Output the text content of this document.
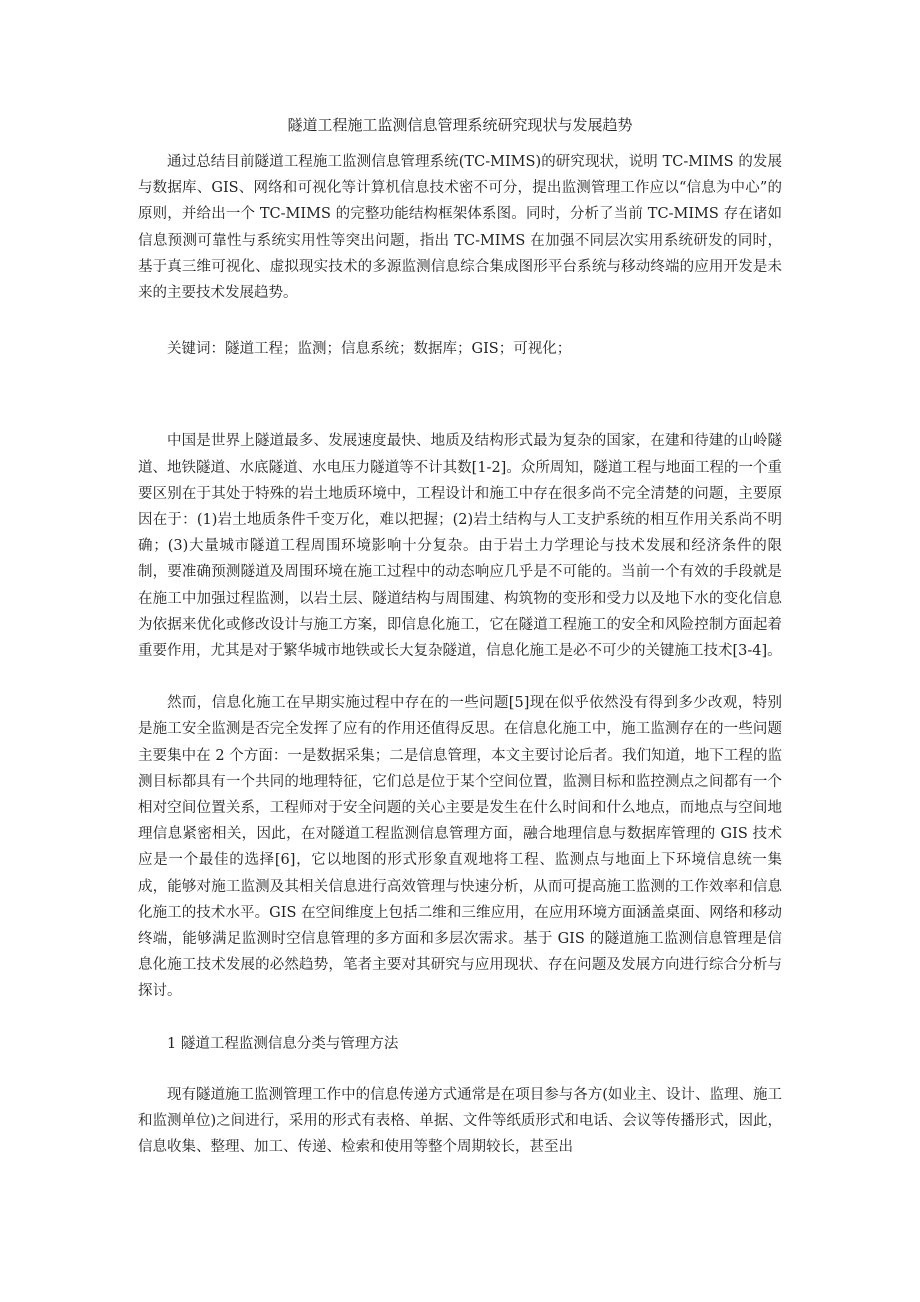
隧道工程施工监测信息管理系统研究现状与发展趋势

通过总结目前隧道工程施工监测信息管理系统(TC-MIMS)的研究现状，说明 TC-MIMS 的发展与数据库、GIS、网络和可视化等计算机信息技术密不可分，提出监测管理工作应以“信息为中心”的原则，并给出一个 TC-MIMS 的完整功能结构框架体系图。同时，分析了当前 TC-MIMS 存在诸如信息预测可靠性与系统实用性等突出问题，指出 TC-MIMS 在加强不同层次实用系统研发的同时，基于真三维可视化、虚拟现实技术的多源监测信息综合集成图形平台系统与移动终端的应用开发是未来的主要技术发展趋势。

关键词：隧道工程；监测；信息系统；数据库；GIS；可视化；

中国是世界上隧道最多、发展速度最快、地质及结构形式最为复杂的国家，在建和待建的山岭隧道、地铁隧道、水底隧道、水电压力隧道等不计其数[1-2]。众所周知，隧道工程与地面工程的一个重要区别在于其处于特殊的岩土地质环境中，工程设计和施工中存在很多尚不完全清楚的问题，主要原因在于：(1)岩土地质条件千变万化，难以把握；(2)岩土结构与人工支护系统的相互作用关系尚不明确；(3)大量城市隧道工程周围环境影响十分复杂。由于岩土力学理论与技术发展和经济条件的限制，要准确预测隧道及周围环境在施工过程中的动态响应几乎是不可能的。当前一个有效的手段就是在施工中加强过程监测，以岩土层、隧道结构与周围建、构筑物的变形和受力以及地下水的变化信息为依据来优化或修改设计与施工方案，即信息化施工，它在隧道工程施工的安全和风险控制方面起着重要作用，尤其是对于繁华城市地铁或长大复杂隧道，信息化施工是必不可少的关键施工技术[3-4]。

然而，信息化施工在早期实施过程中存在的一些问题[5]现在似乎依然没有得到多少改观，特别是施工安全监测是否完全发挥了应有的作用还值得反思。在信息化施工中，施工监测存在的一些问题主要集中在 2 个方面：一是数据采集；二是信息管理，本文主要讨论后者。我们知道，地下工程的监测目标都具有一个共同的地理特征，它们总是位于某个空间位置，监测目标和监控测点之间都有一个相对空间位置关系，工程师对于安全问题的关心主要是发生在什么时间和什么地点，而地点与空间地理信息紧密相关，因此，在对隧道工程监测信息管理方面，融合地理信息与数据库管理的 GIS 技术应是一个最佳的选择[6]，它以地图的形式形象直观地将工程、监测点与地面上下环境信息统一集成，能够对施工监测及其相关信息进行高效管理与快速分析，从而可提高施工监测的工作效率和信息化施工的技术水平。GIS 在空间维度上包括二维和三维应用，在应用环境方面涵盖桌面、网络和移动终端，能够满足监测时空信息管理的多方面和多层次需求。基于 GIS 的隧道施工监测信息管理是信息化施工技术发展的必然趋势，笔者主要对其研究与应用现状、存在问题及发展方向进行综合分析与探讨。

1 隧道工程监测信息分类与管理方法

现有隧道施工监测管理工作中的信息传递方式通常是在项目参与各方(如业主、设计、监理、施工和监测单位)之间进行，采用的形式有表格、单据、文件等纸质形式和电话、会议等传播形式，因此，信息收集、整理、加工、传递、检索和使用等整个周期较长，甚至出
